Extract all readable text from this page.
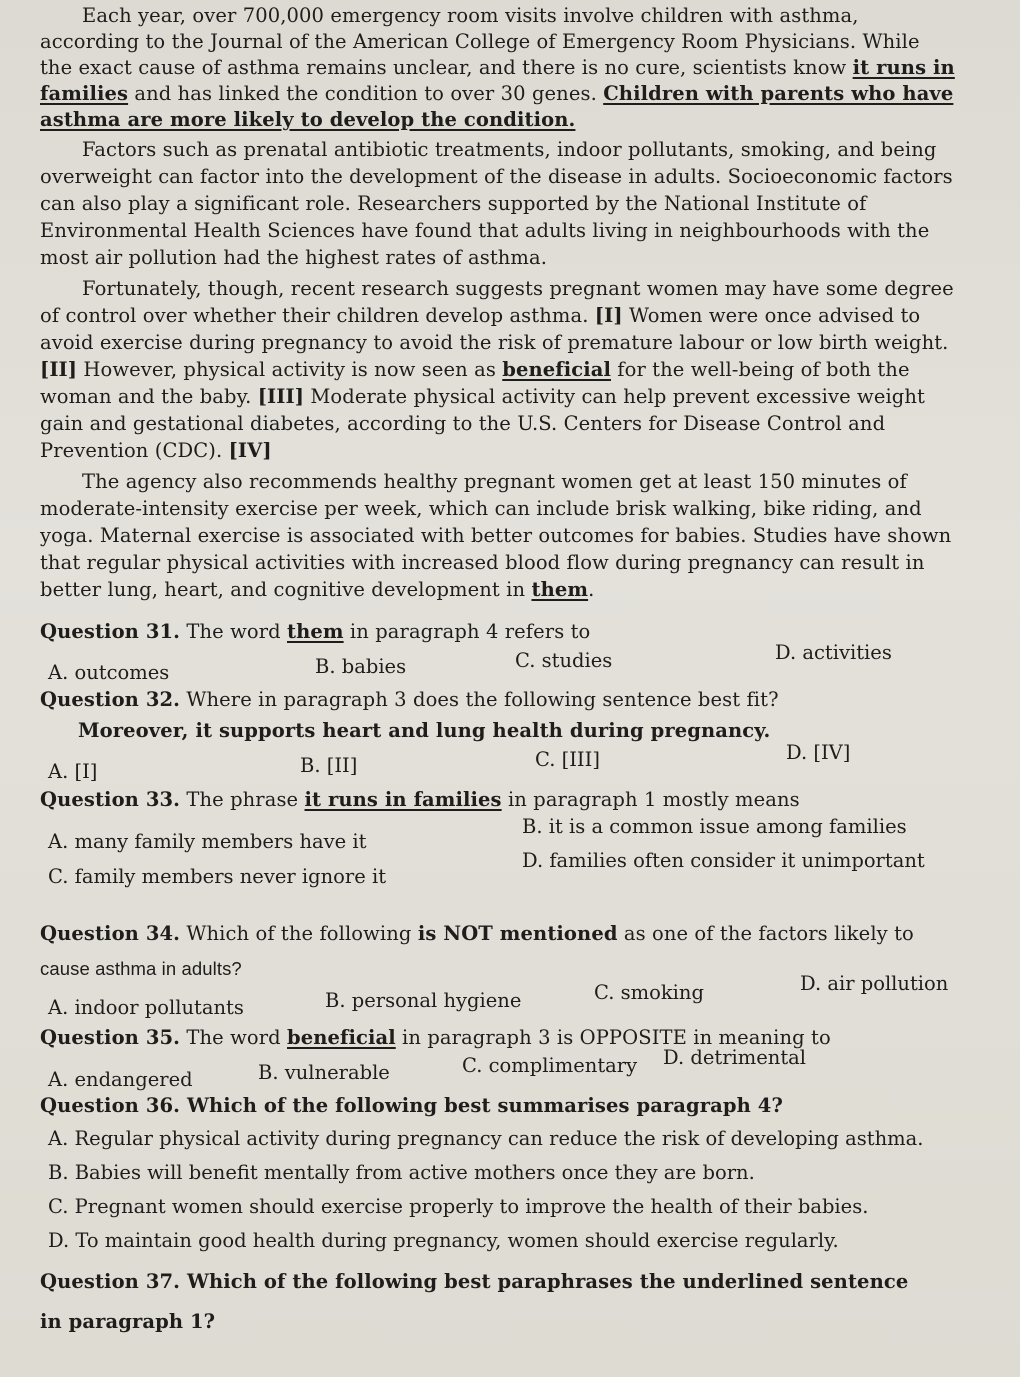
Each year, over 700,000 emergency room visits involve children with asthma,
according to the Journal of the American College of Emergency Room Physicians. While
the exact cause of asthma remains unclear, and there is no cure, scientists know it runs in
families and has linked the condition to over 30 genes. Children with parents who have
asthma are more likely to develop the condition.
Factors such as prenatal antibiotic treatments, indoor pollutants, smoking, and being
overweight can factor into the development of the disease in adults. Socioeconomic factors
can also play a significant role. Researchers supported by the National Institute of
Environmental Health Sciences have found that adults living in neighbourhoods with the
most air pollution had the highest rates of asthma.
Fortunately, though, recent research suggests pregnant women may have some degree
of control over whether their children develop asthma. [I] Women were once advised to
avoid exercise during pregnancy to avoid the risk of premature labour or low birth weight.
[II] However, physical activity is now seen as beneficial for the well-being of both the
woman and the baby. [III] Moderate physical activity can help prevent excessive weight
gain and gestational diabetes, according to the U.S. Centers for Disease Control and
Prevention (CDC). [IV]
The agency also recommends healthy pregnant women get at least 150 minutes of
moderate-intensity exercise per week, which can include brisk walking, bike riding, and
yoga. Maternal exercise is associated with better outcomes for babies. Studies have shown
that regular physical activities with increased blood flow during pregnancy can result in
better lung, heart, and cognitive development in them.
Question 31. The word them in paragraph 4 refers to
A. outcomes	B. babies	C. studies	D. activities
Question 32. Where in paragraph 3 does the following sentence best fit?
Moreover, it supports heart and lung health during pregnancy.
A. [I]	B. [II]	C. [III]	D. [IV]
Question 33. The phrase it runs in families in paragraph 1 mostly means
A. many family members have it
B. it is a common issue among families
C. family members never ignore it
D. families often consider it unimportant
Question 34. Which of the following is NOT mentioned as one of the factors likely to
cause asthma in adults?
A. indoor pollutants	B. personal hygiene	C. smoking	D. air pollution
Question 35. The word beneficial in paragraph 3 is OPPOSITE in meaning to
A. endangered	B. vulnerable	C. complimentary D. detrimental
Question 36. Which of the following best summarises paragraph 4?
A. Regular physical activity during pregnancy can reduce the risk of developing asthma.
B. Babies will benefit mentally from active mothers once they are born.
C. Pregnant women should exercise properly to improve the health of their babies.
D. To maintain good health during pregnancy, women should exercise regularly.
Question 37. Which of the following best paraphrases the underlined sentence
in paragraph 1?
